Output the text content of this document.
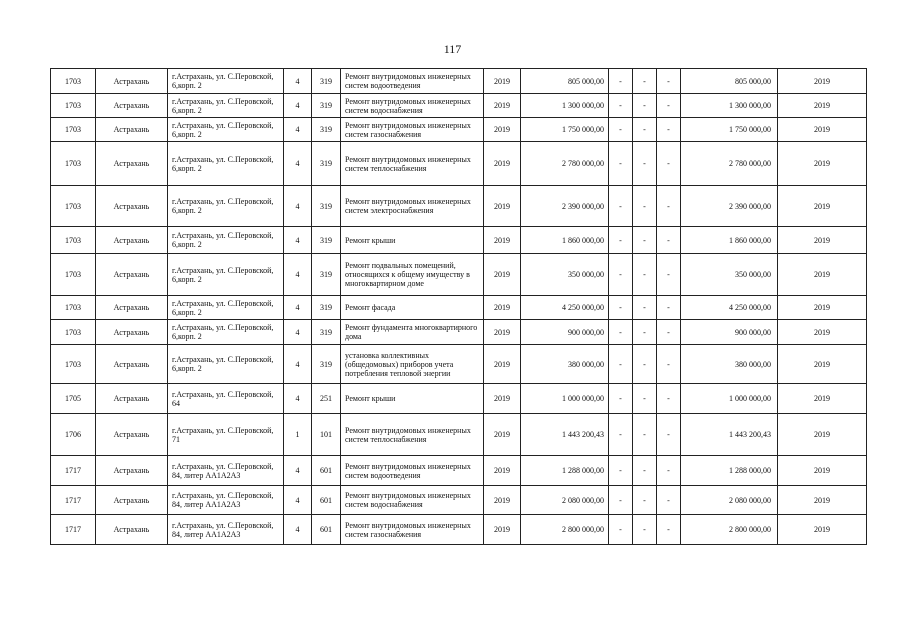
117
1703	Астрахань	г.Астрахань, ул. С.Перовской, 6,корп. 2	4	319	Ремонт внутридомовых инженерных систем водоотведения	2019	805 000,00	-	-	-	805 000,00	2019
1703	Астрахань	г.Астрахань, ул. С.Перовской, 6,корп. 2	4	319	Ремонт внутридомовых инженерных систем водоснабжения	2019	1 300 000,00	-	-	-	1 300 000,00	2019
1703	Астрахань	г.Астрахань, ул. С.Перовской, 6,корп. 2	4	319	Ремонт внутридомовых инженерных систем газоснабжения	2019	1 750 000,00	-	-	-	1 750 000,00	2019
1703	Астрахань	г.Астрахань, ул. С.Перовской, 6,корп. 2	4	319	Ремонт внутридомовых инженерных систем теплоснабжения	2019	2 780 000,00	-	-	-	2 780 000,00	2019
1703	Астрахань	г.Астрахань, ул. С.Перовской, 6,корп. 2	4	319	Ремонт внутридомовых инженерных систем электроснабжения	2019	2 390 000,00	-	-	-	2 390 000,00	2019
1703	Астрахань	г.Астрахань, ул. С.Перовской, 6,корп. 2	4	319	Ремонт крыши	2019	1 860 000,00	-	-	-	1 860 000,00	2019
1703	Астрахань	г.Астрахань, ул. С.Перовской, 6,корп. 2	4	319	Ремонт подвальных помещений, относящихся к общему имуществу в многоквартирном доме	2019	350 000,00	-	-	-	350 000,00	2019
1703	Астрахань	г.Астрахань, ул. С.Перовской, 6,корп. 2	4	319	Ремонт фасада	2019	4 250 000,00	-	-	-	4 250 000,00	2019
1703	Астрахань	г.Астрахань, ул. С.Перовской, 6,корп. 2	4	319	Ремонт фундамента многоквартирного дома	2019	900 000,00	-	-	-	900 000,00	2019
1703	Астрахань	г.Астрахань, ул. С.Перовской, 6,корп. 2	4	319	установка коллективных (общедомовых) приборов учета потребления тепловой энергии	2019	380 000,00	-	-	-	380 000,00	2019
1705	Астрахань	г.Астрахань, ул. С.Перовской, 64	4	251	Ремонт крыши	2019	1 000 000,00	-	-	-	1 000 000,00	2019
1706	Астрахань	г.Астрахань, ул. С.Перовской, 71	1	101	Ремонт внутридомовых инженерных систем теплоснабжения	2019	1 443 200,43	-	-	-	1 443 200,43	2019
1717	Астрахань	г.Астрахань, ул. С.Перовской, 84, литер АА1А2А3	4	601	Ремонт внутридомовых инженерных систем водоотведения	2019	1 288 000,00	-	-	-	1 288 000,00	2019
1717	Астрахань	г.Астрахань, ул. С.Перовской, 84, литер АА1А2А3	4	601	Ремонт внутридомовых инженерных систем водоснабжения	2019	2 080 000,00	-	-	-	2 080 000,00	2019
1717	Астрахань	г.Астрахань, ул. С.Перовской, 84, литер АА1А2А3	4	601	Ремонт внутридомовых инженерных систем газоснабжения	2019	2 800 000,00	-	-	-	2 800 000,00	2019
